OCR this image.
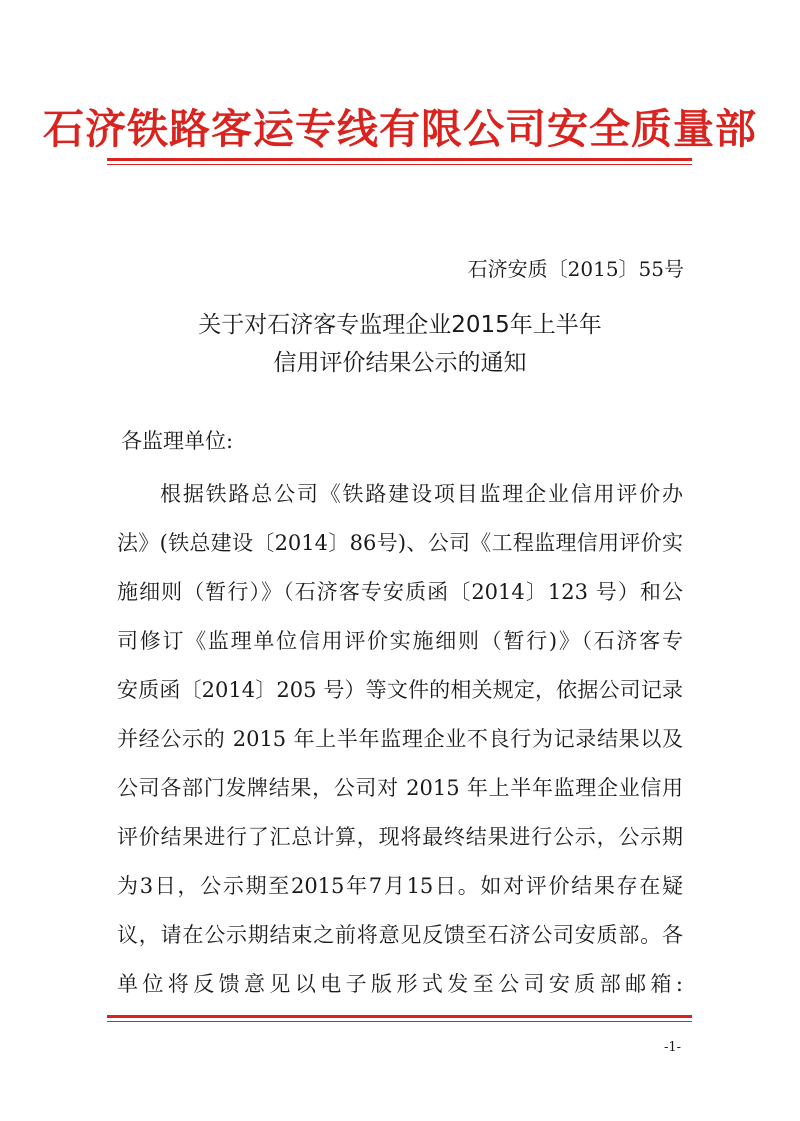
石济铁路客运专线有限公司安全质量部
石济安质〔2015〕55号
关于对石济客专监理企业2015年上半年
信用评价结果公示的通知
各监理单位:
根据铁路总公司《铁路建设项目监理企业信用评价办
法》(铁总建设〔2014〕86号)、公司《工程监理信用评价实
施细则（暂行）》（石济客专安质函〔2014〕123 号）和公
司修订《监理单位信用评价实施细则（暂行)》（石济客专
安质函〔2014〕205 号）等文件的相关规定，依据公司记录
并经公示的 2015 年上半年监理企业不良行为记录结果以及
公司各部门发牌结果，公司对 2015 年上半年监理企业信用
评价结果进行了汇总计算，现将最终结果进行公示，公示期
为3日，公示期至2015年7月15日。如对评价结果存在疑
议，请在公示期结束之前将意见反馈至石济公司安质部。各
单位将反馈意见以电子版形式发至公司安质部邮箱:
-1-
